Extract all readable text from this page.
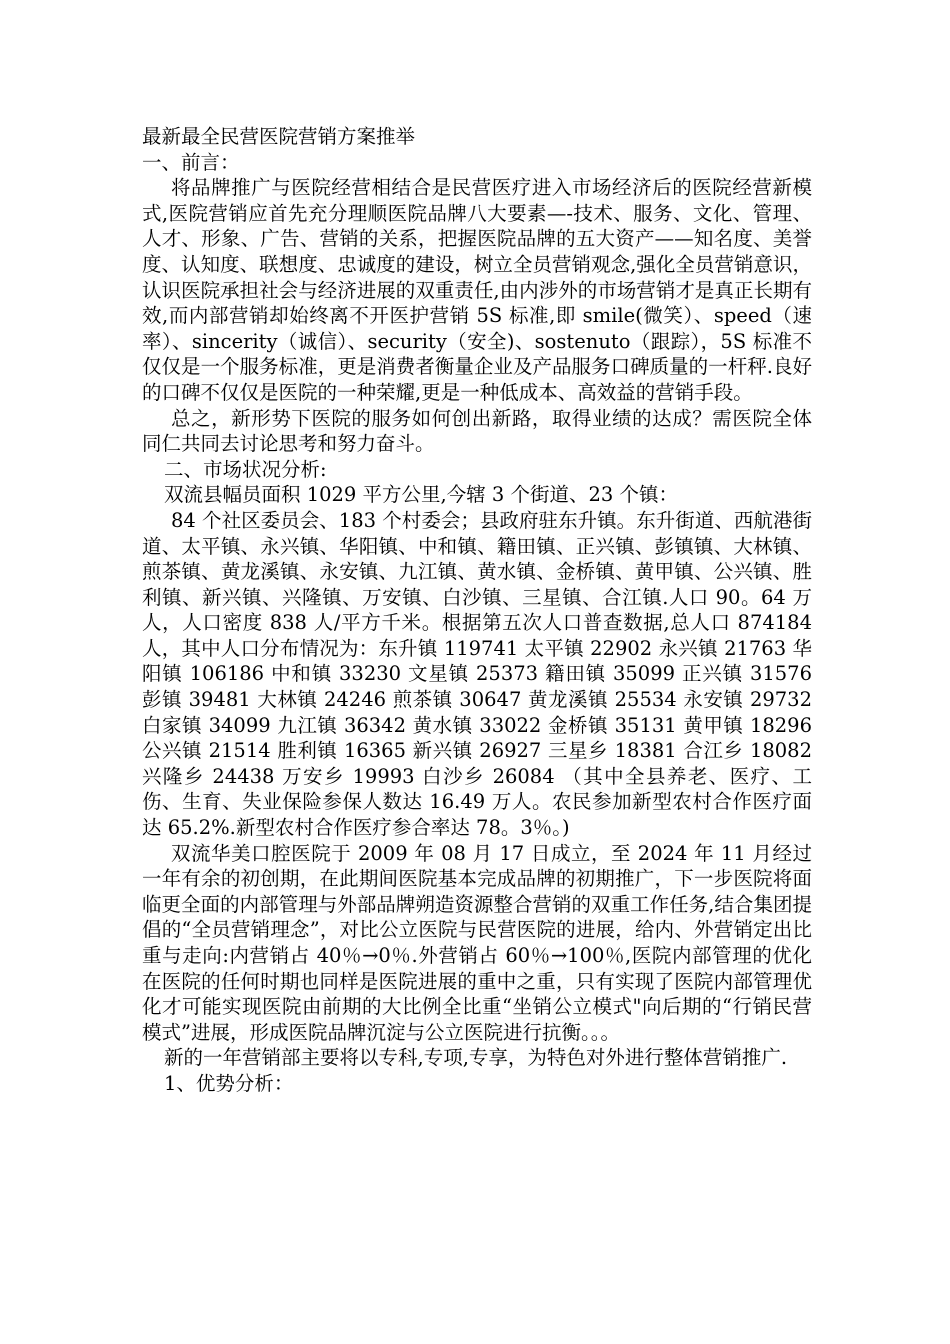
最新最全民营医院营销方案推举

一、前言：

将品牌推广与医院经营相结合是民营医疗进入市场经济后的医院经营新模式,医院营销应首先充分理顺医院品牌八大要素—-技术、服务、文化、管理、人才、形象、广告、营销的关系，把握医院品牌的五大资产——知名度、美誉度、认知度、联想度、忠诚度的建设，树立全员营销观念,强化全员营销意识，认识医院承担社会与经济进展的双重责任,由内涉外的市场营销才是真正长期有效,而内部营销却始终离不开医护营销 5S 标准,即 smile(微笑）、speed（速率）、sincerity（诚信）、security（安全)、sostenuto（跟踪），5S 标准不仅仅是一个服务标准，更是消费者衡量企业及产品服务口碑质量的一杆秤.良好的口碑不仅仅是医院的一种荣耀,更是一种低成本、高效益的营销手段。

总之，新形势下医院的服务如何创出新路，取得业绩的达成？需医院全体同仁共同去讨论思考和努力奋斗。

二、市场状况分析:

双流县幅员面积 1029 平方公里,今辖 3 个街道、23 个镇：

84 个社区委员会、183 个村委会；县政府驻东升镇。东升街道、西航港街道、太平镇、永兴镇、华阳镇、中和镇、籍田镇、正兴镇、彭镇镇、大林镇、煎茶镇、黄龙溪镇、永安镇、九江镇、黄水镇、金桥镇、黄甲镇、公兴镇、胜利镇、新兴镇、兴隆镇、万安镇、白沙镇、三星镇、合江镇.人口 90。64 万人，人口密度 838 人/平方千米。根据第五次人口普查数据,总人口 874184 人，其中人口分布情况为：东升镇 119741 太平镇 22902 永兴镇 21763 华阳镇 106186 中和镇 33230 文星镇 25373 籍田镇 35099 正兴镇 31576 彭镇 39481 大林镇 24246 煎茶镇 30647 黄龙溪镇 25534 永安镇 29732 白家镇 34099 九江镇 36342 黄水镇 33022 金桥镇 35131 黄甲镇 18296 公兴镇 21514 胜利镇 16365 新兴镇 26927 三星乡 18381 合江乡 18082 兴隆乡 24438 万安乡 19993 白沙乡 26084 （其中全县养老、医疗、工伤、生育、失业保险参保人数达 16.49 万人。农民参加新型农村合作医疗面达 65.2%.新型农村合作医疗参合率达 78。3％。)

双流华美口腔医院于 2009 年 08 月 17 日成立，至 2024 年 11 月经过一年有余的初创期，在此期间医院基本完成品牌的初期推广，下一步医院将面临更全面的内部管理与外部品牌朔造资源整合营销的双重工作任务,结合集团提倡的“全员营销理念”，对比公立医院与民营医院的进展，给内、外营销定出比重与走向:内营销占 40％→0％.外营销占 60％→100％,医院内部管理的优化在医院的任何时期也同样是医院进展的重中之重，只有实现了医院内部管理优化才可能实现医院由前期的大比例全比重“坐销公立模式"向后期的“行销民营模式”进展，形成医院品牌沉淀与公立医院进行抗衡。。。

新的一年营销部主要将以专科,专项,专享，为特色对外进行整体营销推广.

1、优势分析：
